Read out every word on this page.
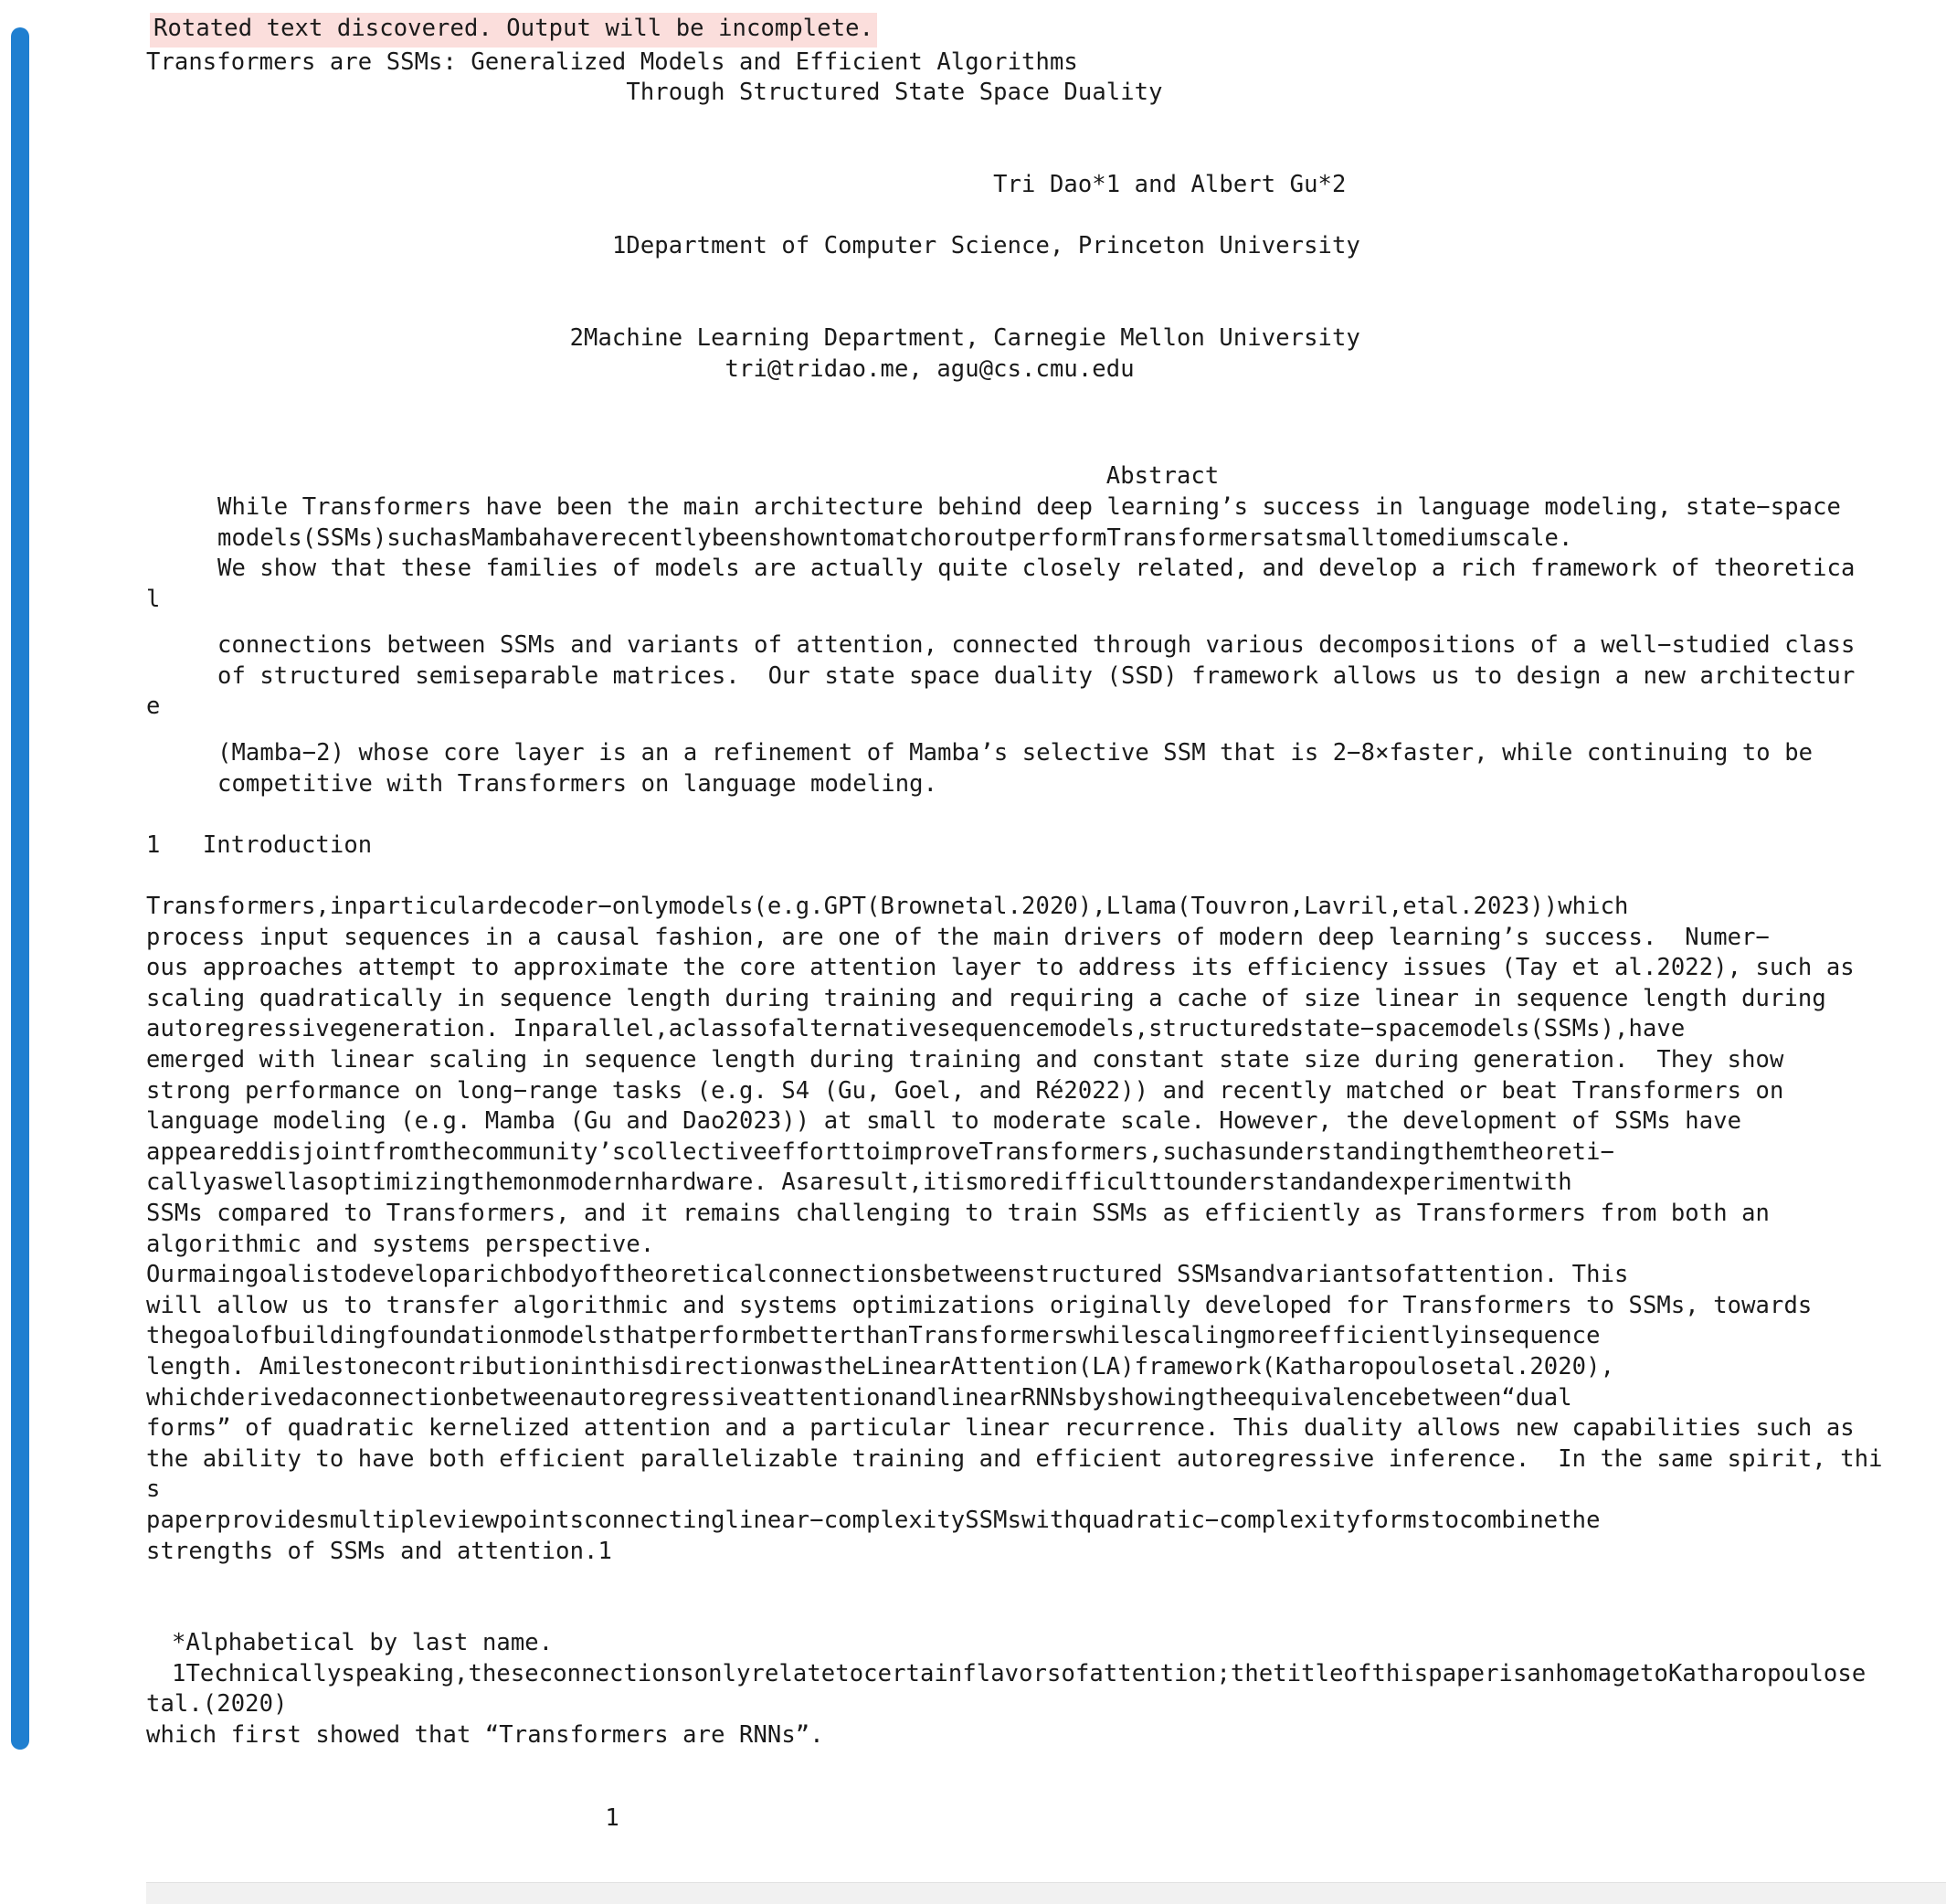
Rotated text discovered. Output will be incomplete.
Transformers are SSMs: Generalized Models and Efficient Algorithms
Through Structured State Space Duality
Tri Dao*1 and Albert Gu*2
1Department of Computer Science, Princeton University
2Machine Learning Department, Carnegie Mellon University
tri@tridao.me, agu@cs.cmu.edu
Abstract
While Transformers have been the main architecture behind deep learning’s success in language modeling, state−space
models(SSMs)suchasMambahaverecentlybeenshowntomatchoroutperformTransformersatsmalltomediumscale.
We show that these families of models are actually quite closely related, and develop a rich framework of theoretica
l
connections between SSMs and variants of attention, connected through various decompositions of a well−studied class
of structured semiseparable matrices.  Our state space duality (SSD) framework allows us to design a new architectur
e
(Mamba−2) whose core layer is an a refinement of Mamba’s selective SSM that is 2−8×faster, while continuing to be
competitive with Transformers on language modeling.
1 Introduction
Transformers,inparticulardecoder−onlymodels(e.g.GPT(Brownetal.2020),Llama(Touvron,Lavril,etal.2023))which
process input sequences in a causal fashion, are one of the main drivers of modern deep learning’s success.  Numer−
ous approaches attempt to approximate the core attention layer to address its efficiency issues (Tay et al.2022), such as
scaling quadratically in sequence length during training and requiring a cache of size linear in sequence length during
autoregressivegeneration. Inparallel,aclassofalternativesequencemodels,structuredstate−spacemodels(SSMs),have
emerged with linear scaling in sequence length during training and constant state size during generation.  They show
strong performance on long−range tasks (e.g. S4 (Gu, Goel, and Ré2022)) and recently matched or beat Transformers on
language modeling (e.g. Mamba (Gu and Dao2023)) at small to moderate scale. However, the development of SSMs have
appeareddisjointfromthecommunity’scollectiveefforttoimproveTransformers,suchasunderstandingthemtheoreti−
callyaswellasoptimizingthemonmodernhardware. Asaresult,itismoredifficulttounderstandandexperimentwith
SSMs compared to Transformers, and it remains challenging to train SSMs as efficiently as Transformers from both an
algorithmic and systems perspective.
Ourmaingoalistodeveloparichbodyoftheoreticalconnectionsbetweenstructured SSMsandvariantsofattention. This
will allow us to transfer algorithmic and systems optimizations originally developed for Transformers to SSMs, towards
thegoalofbuildingfoundationmodelsthatperformbetterthanTransformerswhilescalingmoreefficientlyinsequence
length. AmilestonecontributioninthisdirectionwastheLinearAttention(LA)framework(Katharopoulosetal.2020),
whichderivedaconnectionbetweenautoregressiveattentionandlinearRNNsbyshowingtheequivalencebetween“dual
forms” of quadratic kernelized attention and a particular linear recurrence. This duality allows new capabilities such as
the ability to have both efficient parallelizable training and efficient autoregressive inference.  In the same spirit, thi
s
paperprovidesmultipleviewpointsconnectinglinear−complexitySSMswithquadratic−complexityformstocombinethe
strengths of SSMs and attention.1
*Alphabetical by last name.
1Technicallyspeaking,theseconnectionsonlyrelatetocertainflavorsofattention;thetitleofthispaperisanhomagetoKatharopoulose
tal.(2020)
which first showed that “Transformers are RNNs”.
1
